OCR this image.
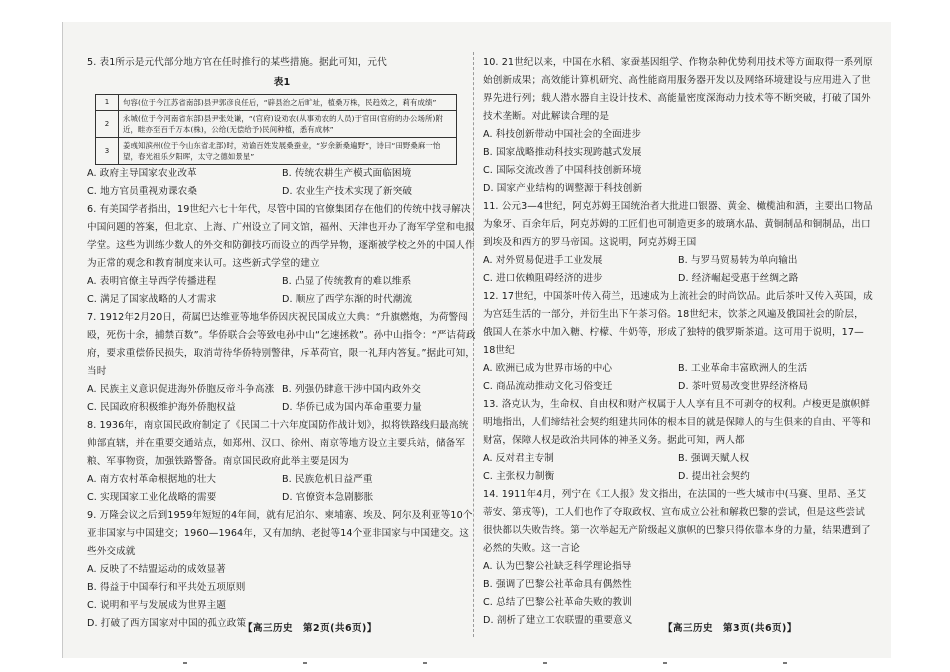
5. 表1所示是元代部分地方官在任时推行的某些措施。据此可知，元代

表1
1	句容(位于今江苏省南部)县尹郭彦良任后，“辟县治之后旷址，植桑万株，民趋效之，莉有成绩”
2	永城(位于今河南省东部)县尹张处谦，“(官府)设劝农(从事劝农的人员)于官田(官府的办公场所)附近，畦亦至百千万本(株)，公给(无偿给予)民间种植，悉有成林”
3	姜彧知滨州(位于今山东省北部)时，劝谕百姓发展桑蚕业，“岁余新桑遍野”，诗曰“田野桑麻一怡望，春光祖乐夕阳晖，太守之德如景星”
A. 政府主导国家农业改革	B. 传统农耕生产模式面临困境
C. 地方官员重视劝课农桑	D. 农业生产技术实现了新突破

6. 有美国学者指出，19世纪六七十年代，尽管中国的官僚集团存在他们的传统中找寻解决中国问题的答案，但北京、上海、广州设立了同文馆，福州、天津也开办了海军学堂和电报学堂。这些为训练少数人的外交和防御技巧而设立的西学异物，逐渐被学校之外的中国人作为正常的观念和教育制度来认可。这些新式学堂的建立

A. 表明官僚主导西学传播进程	B. 凸显了传统教育的难以维系
C. 满足了国家战略的人才需求	D. 顺应了西学东渐的时代潮流

7. 1912年2月20日，荷属巴达维亚等地华侨因庆祝民国成立大典：“升旗燃炮，为荷警闯殴，死伤十余，捕禁百数”。华侨联合会等致电孙中山“乞速拯救”。孙中山指令：“严诘荷政府，要求重偿侨民损失，取消苛待华侨特别警律，斥革荷官，限一礼拜内答复。”据此可知，当时

A. 民族主义意识促进海外侨胞反帝斗争高涨 B. 列强仍肆意干涉中国内政外交
C. 民国政府积极维护海外侨胞权益	D. 华侨已成为国内革命重要力量

8. 1936年，南京国民政府制定了《民国二十六年度国防作战计划》，拟将铁路线归最高统帅部直辖，并在重要交通站点，如郑州、汉口、徐州、南京等地方设立主要兵站，储备军粮、军事物资，加强铁路警备。南京国民政府此举主要是因为

A. 南方农村革命根据地的壮大	B. 民族危机日益严重
C. 实现国家工业化战略的需要	D. 官僚资本急剧膨胀

9. 万隆会议之后到1959年短短的4年间，就有尼泊尔、柬埔寨、埃及、阿尔及利亚等10个亚非国家与中国建交；1960—1964年，又有加纳、老挝等14个亚非国家与中国建交。这些外交成就

A. 反映了不结盟运动的成效显著
B. 得益于中国奉行和平共处五项原则
C. 说明和平与发展成为世界主题
D. 打破了西方国家对中国的孤立政策

10. 21世纪以来，中国在水稻、家蚕基因组学、作物杂种优势利用技术等方面取得一系列原始创新成果；高效能计算机研究、高性能商用服务器开发以及网络环境建设与应用进入了世界先进行列；载人潜水器自主设计技术、高能量密度深海动力技术等不断突破，打破了国外技术垄断。对此解读合理的是

A. 科技创新带动中国社会的全面进步
B. 国家战略推动科技实现跨越式发展
C. 国际交流改善了中国科技创新环境
D. 国家产业结构的调整源于科技创新

11. 公元3—4世纪，阿克苏姆王国统治者大批进口银器、黄金、橄榄油和酒，主要出口物品为象牙、百余年后，阿克苏姆的工匠们也可制造更多的玻璃水晶、黄铜制品和铜制品，出口到埃及和西方的罗马帝国。这说明，阿克苏姆王国

A. 对外贸易促进手工业发展	B. 与罗马贸易转为单向输出
C. 进口依赖阻碍经济的进步	D. 经济崛起受惠于丝绸之路

12. 17世纪，中国茶叶传入荷兰，迅速成为上流社会的时尚饮品。此后茶叶又传入英国，成为宫廷生活的一部分，并衍生出下午茶习俗。18世纪末，饮茶之风遍及俄国社会的阶层，俄国人在茶水中加入糖、柠檬、牛奶等，形成了独特的俄罗斯茶道。这可用于说明，17—18世纪

A. 欧洲已成为世界市场的中心	B. 工业革命丰富欧洲人的生活
C. 商品流动推动文化习俗变迁	D. 茶叶贸易改变世界经济格局

13. 洛克认为，生命权、自由权和财产权属于人人享有且不可剥夺的权利。卢梭更是旗帜鲜明地指出，人们缔结社会契约组建共同体的根本目的就是保障人的与生俱来的自由、平等和财富，保障人权是政治共同体的神圣义务。据此可知，两人都

A. 反对君主专制	B. 强调天赋人权
C. 主张权力制衡	D. 提出社会契约

14. 1911年4月，列宁在《工人报》发文指出，在法国的一些大城市中(马赛、里昂、圣艾蒂安、第戎等)，工人们也作了夺取政权、宣布成立公社和解救巴黎的尝试，但是这些尝试很快都以失败告终。第一次举起无产阶级起义旗帜的巴黎只得依靠本身的力量，结果遭到了必然的失败。这一言论

A. 认为巴黎公社缺乏科学理论指导
B. 强调了巴黎公社革命具有偶然性
C. 总结了巴黎公社革命失败的教训
D. 剖析了建立工农联盟的重要意义
【高三历史　第2页(共6页)】	【高三历史　第3页(共6页)】
